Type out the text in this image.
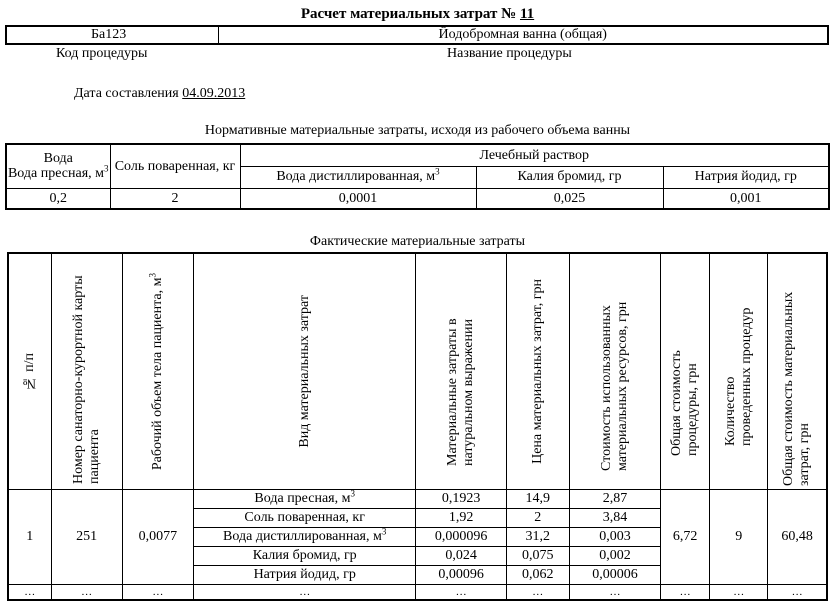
Расчет материальных затрат № 11
Ба123	Йодобромная ванна (общая)
Код процедуры	Название процедуры
Дата составления 04.09.2013
Нормативные материальные затраты, исходя из рабочего объема ванны
Вода
Вода пресная, $м^3$	Соль поваренная, кг	Лечебный раствор		
		Вода дистиллированная, $м^3$	Калия бромид, гр	Натрия йодид, гр
0,2	2	0,0001	0,025	0,001
Фактические материальные затраты
№ п/п	Номер санаторно-курортной карты пациента	Рабочий объем тела пациента, $м^3$	Вид материальных затрат	Материальные затраты в натуральном выражении	Цена материальных затрат, грн	Стоимость использованных материальных ресурсов, грн	Общая стоимость процедуры, грн	Количество проведенных процедур	Общая стоимость материальных затрат, грн

1	251	0,0077	Вода пресная, $м^3$	0,1923	14,9	2,87	6,72	9	60,48
			Соль поваренная, кг	1,92	2	3,84			
			Вода дистиллированная, $м^3$	0,000096	31,2	0,003			
			Калия бромид, гр	0,024	0,075	0,002			
			Натрия йодид, гр	0,00096	0,062	0,00006			
…	…	…	…	…	…	…	…	…	…
